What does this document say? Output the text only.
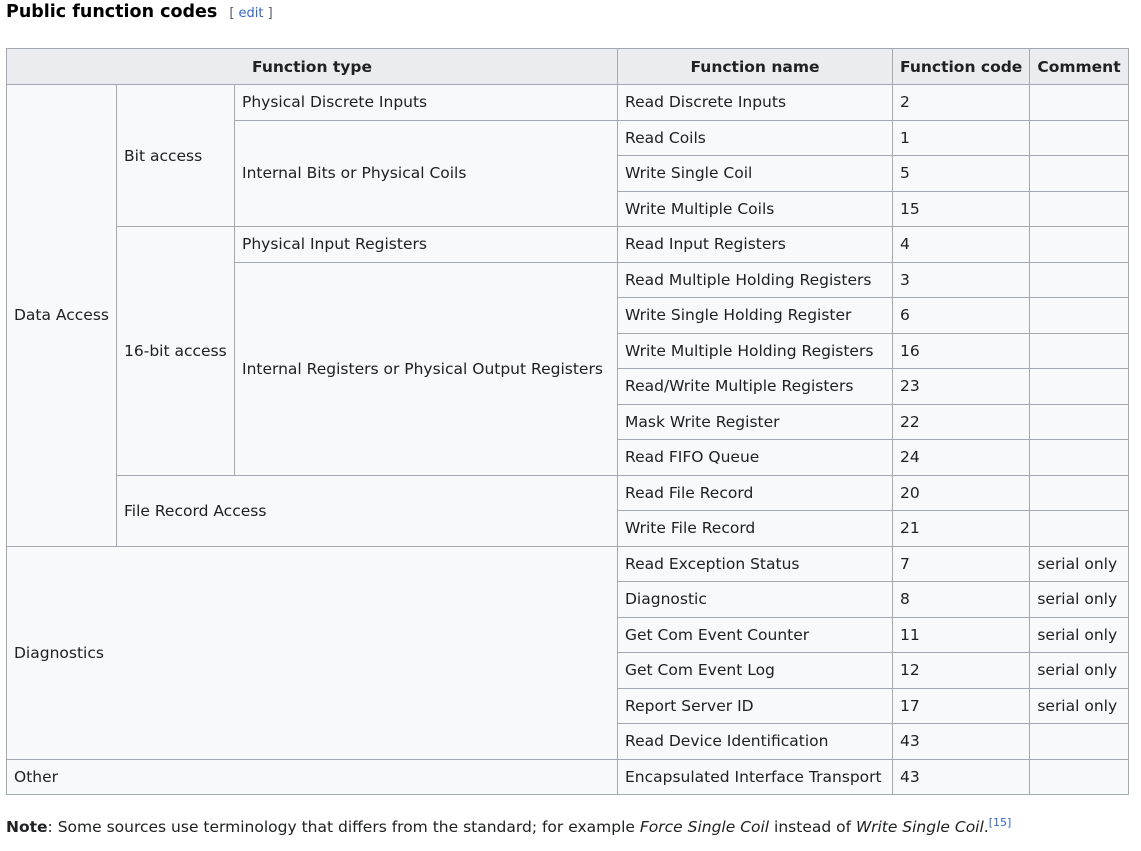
Public function codes [ edit ]
Function type			Function name	Function code	Comment
Data Access	Bit access	Physical Discrete Inputs	Read Discrete Inputs	2	
		Internal Bits or Physical Coils	Read Coils	1	
			Write Single Coil	5	
			Write Multiple Coils	15	
	16-bit access	Physical Input Registers	Read Input Registers	4	
		Internal Registers or Physical Output Registers	Read Multiple Holding Registers	3	
			Write Single Holding Register	6	
			Write Multiple Holding Registers	16	
			Read/Write Multiple Registers	23	
			Mask Write Register	22	
			Read FIFO Queue	24	
	File Record Access		Read File Record	20	
			Write File Record	21	
Diagnostics			Read Exception Status	7	serial only
			Diagnostic	8	serial only
			Get Com Event Counter	11	serial only
			Get Com Event Log	12	serial only
			Report Server ID	17	serial only
			Read Device Identification	43	
Other			Encapsulated Interface Transport	43	
Note: Some sources use terminology that differs from the standard; for example Force Single Coil instead of Write Single Coil.[15]
